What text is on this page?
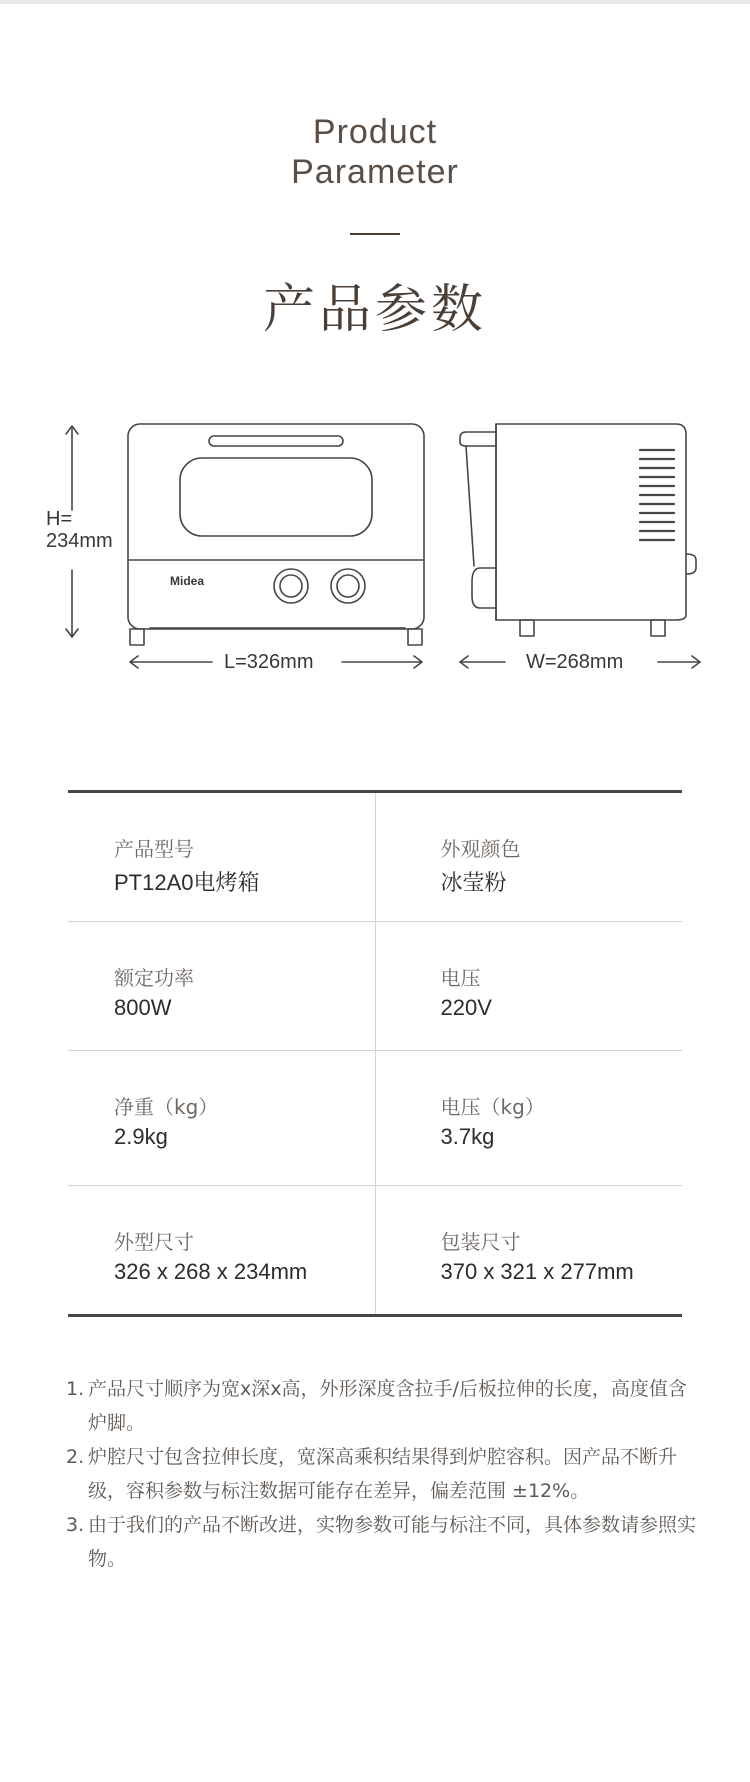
Product
Parameter
产品参数
H=
234mm
L=326mm	W=268mm
Midea
产品型号
PT12A0电烤箱
外观颜色
冰莹粉
额定功率
800W
电压
220V
净重（kg）
2.9kg
电压（kg）
3.7kg
外型尺寸
326 x 268 x 234mm
包装尺寸
370 x 321 x 277mm
1. 产品尺寸顺序为宽x深x高，外形深度含拉手/后板拉伸的长度，高度值含炉脚。
2. 炉腔尺寸包含拉伸长度，宽深高乘积结果得到炉腔容积。因产品不断升级，容积参数与标注数据可能存在差异，偏差范围 ±12%。
3. 由于我们的产品不断改进，实物参数可能与标注不同，具体参数请参照实物。
